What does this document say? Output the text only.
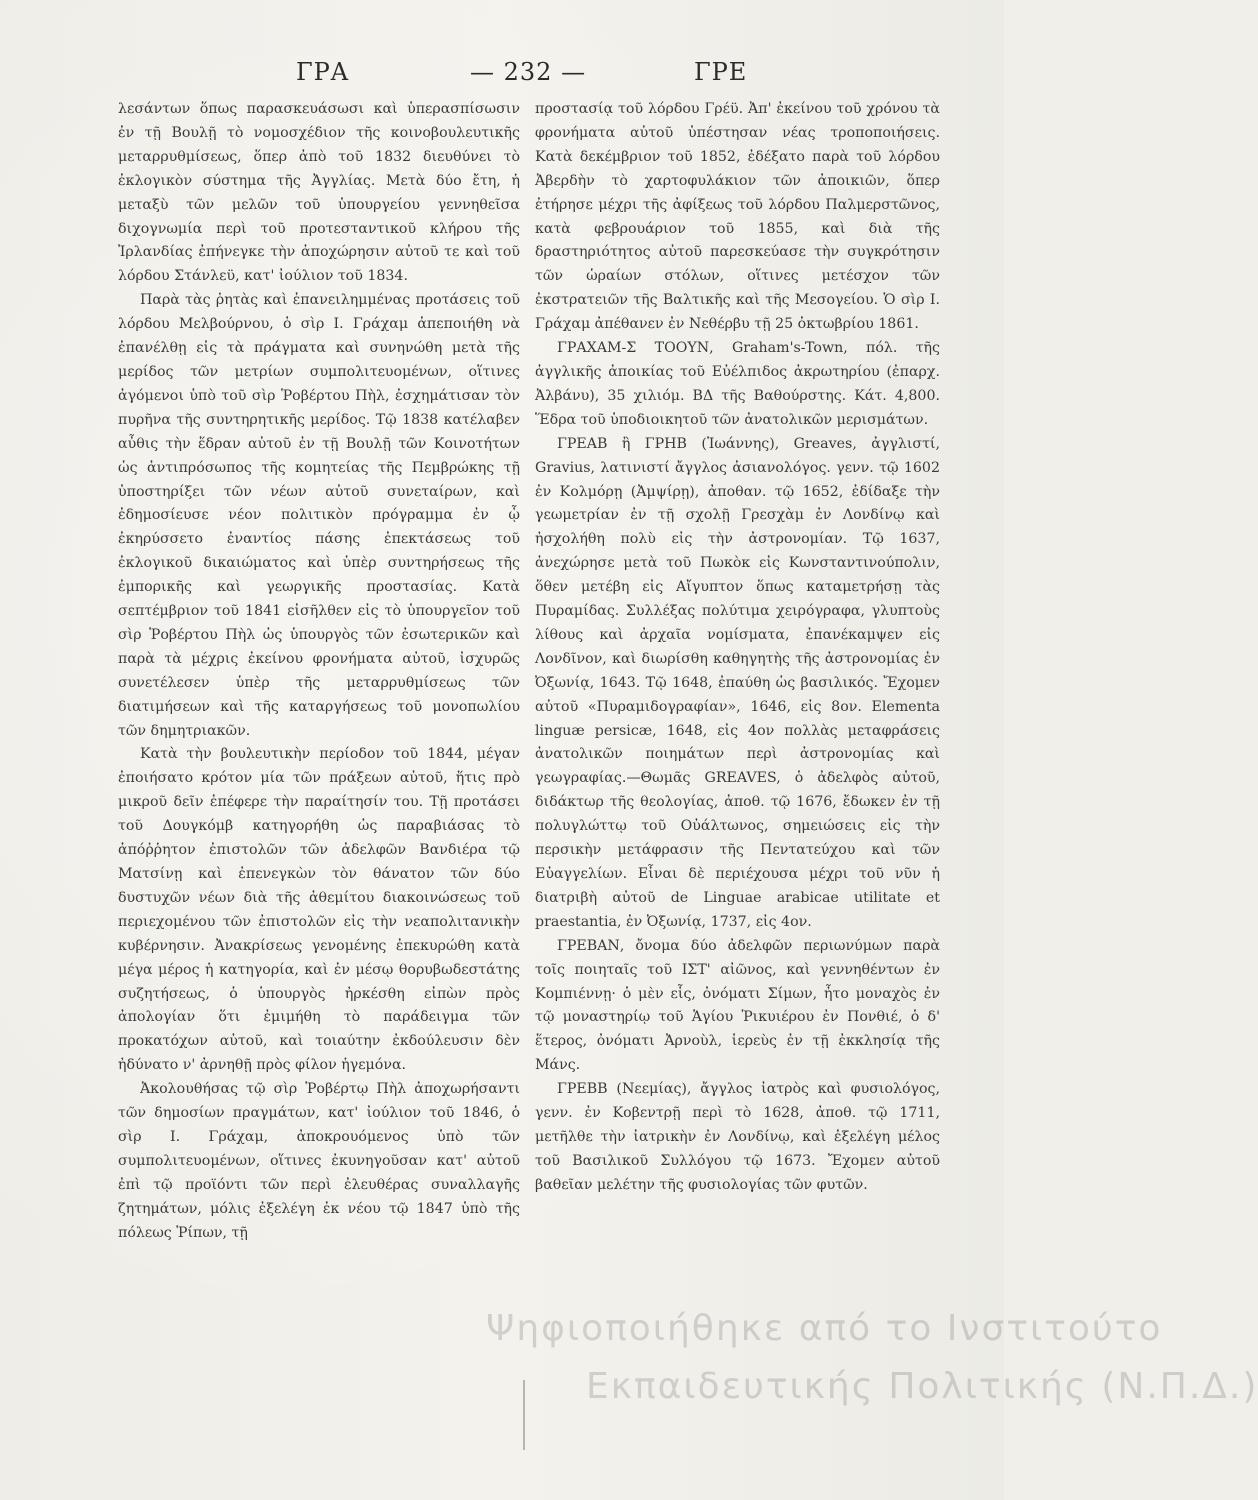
ΓΡΑ	— 232 —	ΓΡΕ

λεσάντων ὅπως παρασκευάσωσι καὶ ὑπερασπίσωσιν ἐν τῇ Βουλῇ τὸ νομοσχέδιον τῆς κοινοβουλευτικῆς μεταρρυθμίσεως, ὅπερ ἀπὸ τοῦ 1832 διευθύνει τὸ ἐκλογικὸν σύστημα τῆς Ἀγγλίας. Μετὰ δύο ἔτη, ἡ μεταξὺ τῶν μελῶν τοῦ ὑπουργείου γεννηθεῖσα διχογνωμία περὶ τοῦ προτεσταντικοῦ κλήρου τῆς Ἰρλανδίας ἐπήνεγκε τὴν ἀποχώρησιν αὐτοῦ τε καὶ τοῦ λόρδου Στάνλεϋ, κατ' ἰούλιον τοῦ 1834.

Παρὰ τὰς ῥητὰς καὶ ἐπανειλημμένας προτάσεις τοῦ λόρδου Μελβούρνου, ὁ σὶρ Ι. Γράχαμ ἀπεποιήθη νὰ ἐπανέλθῃ εἰς τὰ πράγματα καὶ συνηνώθη μετὰ τῆς μερίδος τῶν μετρίων συμπολιτευομένων, οἵτινες ἀγόμενοι ὑπὸ τοῦ σὶρ Ῥοβέρτου Πὴλ, ἐσχημάτισαν τὸν πυρῆνα τῆς συντηρητικῆς μερίδος. Τῷ 1838 κατέλαβεν αὖθις τὴν ἕδραν αὐτοῦ ἐν τῇ Βουλῇ τῶν Κοινοτήτων ὡς ἀντιπρόσωπος τῆς κομητείας τῆς Πεμβρώκης τῇ ὑποστηρίξει τῶν νέων αὐτοῦ συνεταίρων, καὶ ἐδημοσίευσε νέον πολιτικὸν πρόγραμμα ἐν ᾧ ἐκηρύσσετο ἐναντίος πάσης ἐπεκτάσεως τοῦ ἐκλογικοῦ δικαιώματος καὶ ὑπὲρ συντηρήσεως τῆς ἐμπορικῆς καὶ γεωργικῆς προστασίας. Κατὰ σεπτέμβριον τοῦ 1841 εἰσῆλθεν εἰς τὸ ὑπουργεῖον τοῦ σὶρ Ῥοβέρτου Πὴλ ὡς ὑπουργὸς τῶν ἐσωτερικῶν καὶ παρὰ τὰ μέχρις ἐκείνου φρονήματα αὐτοῦ, ἰσχυρῶς συνετέλεσεν ὑπὲρ τῆς μεταρρυθμίσεως τῶν διατιμήσεων καὶ τῆς καταργήσεως τοῦ μονοπωλίου τῶν δημητριακῶν.

Κατὰ τὴν βουλευτικὴν περίοδον τοῦ 1844, μέγαν ἐποιήσατο κρότον μία τῶν πράξεων αὐτοῦ, ἥτις πρὸ μικροῦ δεῖν ἐπέφερε τὴν παραίτησίν του. Τῇ προτάσει τοῦ Δουγκόμβ κατηγορήθη ὡς παραβιάσας τὸ ἀπόῤῥητον ἐπιστολῶν τῶν ἀδελφῶν Βανδιέρα τῷ Ματσίνῃ καὶ ἐπενεγκὼν τὸν θάνατον τῶν δύο δυστυχῶν νέων διὰ τῆς ἀθεμίτου διακοινώσεως τοῦ περιεχομένου τῶν ἐπιστολῶν εἰς τὴν νεαπολιτανικὴν κυβέρνησιν. Ἀνακρίσεως γενομένης ἐπεκυρώθη κατὰ μέγα μέρος ἡ κατηγορία, καὶ ἐν μέσῳ θορυβωδεστάτης συζητήσεως, ὁ ὑπουργὸς ἠρκέσθη εἰπὼν πρὸς ἀπολογίαν ὅτι ἐμιμήθη τὸ παράδειγμα τῶν προκατόχων αὐτοῦ, καὶ τοιαύτην ἐκδούλευσιν δὲν ἠδύνατο ν' ἀρνηθῇ πρὸς φίλον ἡγεμόνα.

Ἀκολουθήσας τῷ σὶρ Ῥοβέρτῳ Πὴλ ἀποχωρήσαντι τῶν δημοσίων πραγμάτων, κατ' ἰούλιον τοῦ 1846, ὁ σὶρ Ι. Γράχαμ, ἀποκρουόμενος ὑπὸ τῶν συμπολιτευομένων, οἵτινες ἐκυνηγοῦσαν κατ' αὐτοῦ ἐπὶ τῷ προϊόντι τῶν περὶ ἐλευθέρας συναλλαγῆς ζητημάτων, μόλις ἐξελέγη ἐκ νέου τῷ 1847 ὑπὸ τῆς πόλεως Ῥίπων, τῇ

προστασίᾳ τοῦ λόρδου Γρέϋ. Ἀπ' ἐκείνου τοῦ χρόνου τὰ φρονήματα αὐτοῦ ὑπέστησαν νέας τροποποιήσεις. Κατὰ δεκέμβριον τοῦ 1852, ἐδέξατο παρὰ τοῦ λόρδου Ἀβερδὴν τὸ χαρτοφυλάκιον τῶν ἀποικιῶν, ὅπερ ἐτήρησε μέχρι τῆς ἀφίξεως τοῦ λόρδου Παλμερστῶνος, κατὰ φεβρουάριον τοῦ 1855, καὶ διὰ τῆς δραστηριότητος αὐτοῦ παρεσκεύασε τὴν συγκρότησιν τῶν ὡραίων στόλων, οἵτινες μετέσχον τῶν ἐκστρατειῶν τῆς Βαλτικῆς καὶ τῆς Μεσογείου. Ὁ σὶρ Ι. Γράχαμ ἀπέθανεν ἐν Νεθέρβυ τῇ 25 ὀκτωβρίου 1861.

ΓΡΑΧΑΜ-Σ ΤΟΟΥΝ, Graham's-Town, πόλ. τῆς ἀγγλικῆς ἀποικίας τοῦ Εὐέλπιδος ἀκρωτηρίου (ἐπαρχ. Ἀλβάνυ), 35 χιλιόμ. ΒΔ τῆς Βαθούρστης. Κάτ. 4,800. Ἕδρα τοῦ ὑποδιοικητοῦ τῶν ἀνατολικῶν μερισμάτων.

ΓΡΕΑΒ ἢ ΓΡΗΒ (Ἰωάννης), Greaves, ἀγγλιστί, Gravius, λατινιστί ἄγγλος ἀσιανολόγος. γενν. τῷ 1602 ἐν Κολμόρῃ (Ἀμψίρῃ), ἀποθαν. τῷ 1652, ἐδίδαξε τὴν γεωμετρίαν ἐν τῇ σχολῇ Γρεσχὰμ ἐν Λονδίνῳ καὶ ἠσχολήθη πολὺ εἰς τὴν ἀστρονομίαν. Τῷ 1637, ἀνεχώρησε μετὰ τοῦ Πωκὸκ εἰς Κωνσταντινούπολιν, ὅθεν μετέβη εἰς Αἴγυπτον ὅπως καταμετρήσῃ τὰς Πυραμίδας. Συλλέξας πολύτιμα χειρόγραφα, γλυπτοὺς λίθους καὶ ἀρχαῖα νομίσματα, ἐπανέκαμψεν εἰς Λονδῖνον, καὶ διωρίσθη καθηγητὴς τῆς ἀστρονομίας ἐν Ὀξωνίᾳ, 1643. Τῷ 1648, ἐπαύθη ὡς βασιλικός. Ἔχομεν αὐτοῦ «Πυραμιδογραφίαν», 1646, εἰς 8ον. Elementa linguæ persicæ, 1648, εἰς 4ον πολλὰς μεταφράσεις ἀνατολικῶν ποιημάτων περὶ ἀστρονομίας καὶ γεωγραφίας.—Θωμᾶς GREAVES, ὁ ἀδελφὸς αὐτοῦ, διδάκτωρ τῆς θεολογίας, ἀποθ. τῷ 1676, ἔδωκεν ἐν τῇ πολυγλώττῳ τοῦ Οὐάλτωνος, σημειώσεις εἰς τὴν περσικὴν μετάφρασιν τῆς Πεντατεύχου καὶ τῶν Εὐαγγελίων. Εἶναι δὲ περιέχουσα μέχρι τοῦ νῦν ἡ διατριβὴ αὐτοῦ de Linguae arabicae utilitate et praestantia, ἐν Ὀξωνίᾳ, 1737, εἰς 4ον.

ΓΡΕΒΑΝ, ὄνομα δύο ἀδελφῶν περιωνύμων παρὰ τοῖς ποιηταῖς τοῦ ΙΣΤ' αἰῶνος, καὶ γεννηθέντων ἐν Κομπιέννῃ· ὁ μὲν εἷς, ὀνόματι Σίμων, ἦτο μοναχὸς ἐν τῷ μοναστηρίῳ τοῦ Ἁγίου Ῥικυιέρου ἐν Πονθιέ, ὁ δ' ἕτερος, ὀνόματι Ἀρνοὺλ, ἱερεὺς ἐν τῇ ἐκκλησίᾳ τῆς Μάνς.

ΓΡΕΒΒ (Νεεμίας), ἄγγλος ἰατρὸς καὶ φυσιολόγος, γενν. ἐν Κοβεντρῇ περὶ τὸ 1628, ἀποθ. τῷ 1711, μετῆλθε τὴν ἰατρικὴν ἐν Λονδίνῳ, καὶ ἐξελέγη μέλος τοῦ Βασιλικοῦ Συλλόγου τῷ 1673. Ἔχομεν αὐτοῦ βαθεῖαν μελέτην τῆς φυσιολογίας τῶν φυτῶν.

Ψηφιοποιήθηκε από το Ινστιτούτο
Εκπαιδευτικής Πολιτικής (Ν.Π.Δ.)
